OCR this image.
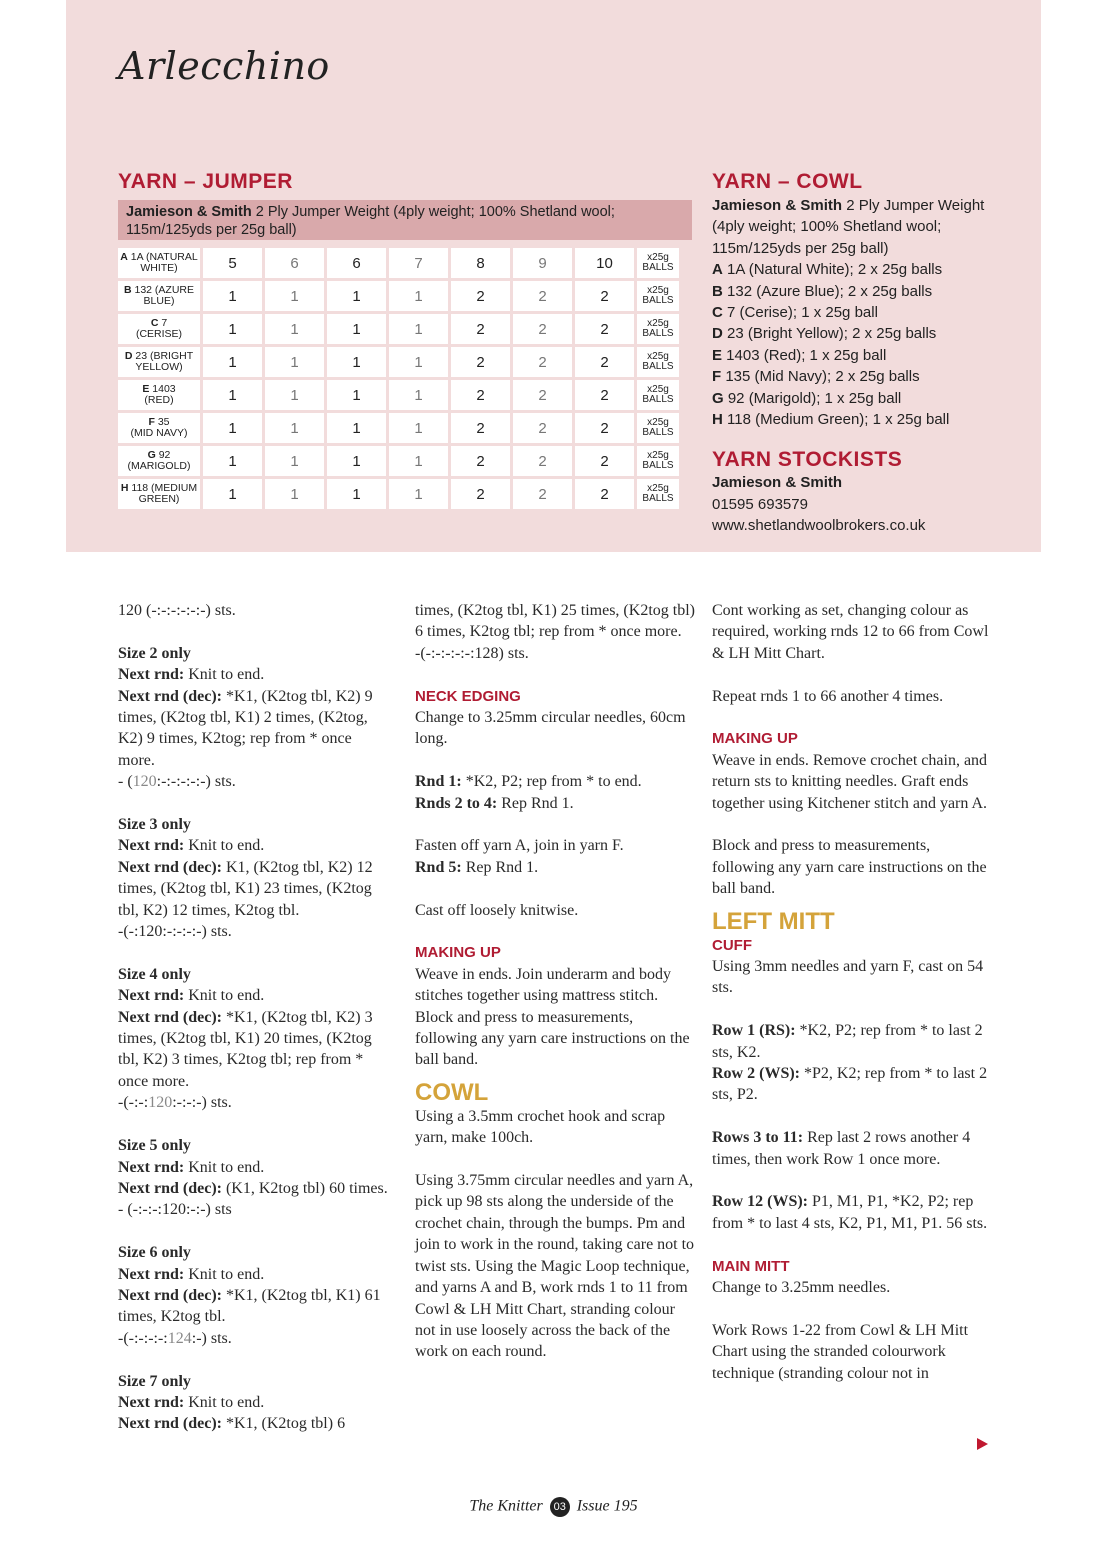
Arlecchino
YARN – JUMPER
Jamieson & Smith 2 Ply Jumper Weight (4ply weight; 100% Shetland wool;
115m/125yds per 25g ball)
A 1A (NATURAL
WHITE)	5	6	6	7	8	9	10	x25g
BALLS
B 132 (AZURE
BLUE)	1	1	1	1	2	2	2	x25g
BALLS
C 7
(CERISE)	1	1	1	1	2	2	2	x25g
BALLS
D 23 (BRIGHT
YELLOW)	1	1	1	1	2	2	2	x25g
BALLS
E 1403
(RED)	1	1	1	1	2	2	2	x25g
BALLS
F 35
(MID NAVY)	1	1	1	1	2	2	2	x25g
BALLS
G 92
(MARIGOLD)	1	1	1	1	2	2	2	x25g
BALLS
H 118 (MEDIUM
GREEN)	1	1	1	1	2	2	2	x25g
BALLS
YARN – COWL
Jamieson & Smith 2 Ply Jumper Weight
(4ply weight; 100% Shetland wool;
115m/125yds per 25g ball)
A 1A (Natural White); 2 x 25g balls
B 132 (Azure Blue); 2 x 25g balls
C 7 (Cerise); 1 x 25g ball
D 23 (Bright Yellow); 2 x 25g balls
E 1403 (Red); 1 x 25g ball
F 135 (Mid Navy); 2 x 25g balls
G 92 (Marigold); 1 x 25g ball
H 118 (Medium Green); 1 x 25g ball
YARN STOCKISTS
Jamieson & Smith
01595 693579
www.shetlandwoolbrokers.co.uk

120 (-:-:-:-:-:-) sts.

Size 2 only

Next rnd: Knit to end.

Next rnd (dec): *K1, (K2tog tbl, K2) 9 times, (K2tog tbl, K1) 2 times, (K2tog, K2) 9 times, K2tog; rep from * once more.

- (120:-:-:-:-:-) sts.

Size 3 only

Next rnd: Knit to end.

Next rnd (dec): K1, (K2tog tbl, K2) 12 times, (K2tog tbl, K1) 23 times, (K2tog tbl, K2) 12 times, K2tog tbl.

-(-:120:-:-:-:-) sts.

Size 4 only

Next rnd: Knit to end.

Next rnd (dec): *K1, (K2tog tbl, K2) 3 times, (K2tog tbl, K1) 20 times, (K2tog tbl, K2) 3 times, K2tog tbl; rep from * once more.

-(-:-:120:-:-:-) sts.

Size 5 only

Next rnd: Knit to end.

Next rnd (dec): (K1, K2tog tbl) 60 times.

- (-:-:-:120:-:-) sts

Size 6 only

Next rnd: Knit to end.

Next rnd (dec): *K1, (K2tog tbl, K1) 61 times, K2tog tbl.

-(-:-:-:-:124:-) sts.

Size 7 only

Next rnd: Knit to end.

Next rnd (dec): *K1, (K2tog tbl) 6

times, (K2tog tbl, K1) 25 times, (K2tog tbl) 6 times, K2tog tbl; rep from * once more.

-(-:-:-:-:-:128) sts.

NECK EDGING

Change to 3.25mm circular needles, 60cm long.

Rnd 1: *K2, P2; rep from * to end.

Rnds 2 to 4: Rep Rnd 1.

Fasten off yarn A, join in yarn F.

Rnd 5: Rep Rnd 1.

Cast off loosely knitwise.

MAKING UP

Weave in ends. Join underarm and body stitches together using mattress stitch. Block and press to measurements, following any yarn care instructions on the ball band.

COWL

Using a 3.5mm crochet hook and scrap yarn, make 100ch.

Using 3.75mm circular needles and yarn A, pick up 98 sts along the underside of the crochet chain, through the bumps. Pm and join to work in the round, taking care not to twist sts. Using the Magic Loop technique, and yarns A and B, work rnds 1 to 11 from Cowl & LH Mitt Chart, stranding colour not in use loosely across the back of the work on each round.

Cont working as set, changing colour as required, working rnds 12 to 66 from Cowl & LH Mitt Chart.

Repeat rnds 1 to 66 another 4 times.

MAKING UP

Weave in ends. Remove crochet chain, and return sts to knitting needles. Graft ends together using Kitchener stitch and yarn A.

Block and press to measurements, following any yarn care instructions on the ball band.

LEFT MITT
CUFF

Using 3mm needles and yarn F, cast on 54 sts.

Row 1 (RS): *K2, P2; rep from * to last 2 sts, K2.

Row 2 (WS): *P2, K2; rep from * to last 2 sts, P2.

Rows 3 to 11: Rep last 2 rows another 4 times, then work Row 1 once more.

Row 12 (WS): P1, M1, P1, *K2, P2; rep from * to last 4 sts, K2, P1, M1, P1. 56 sts.

MAIN MITT

Change to 3.25mm needles.

Work Rows 1-22 from Cowl & LH Mitt Chart using the stranded colourwork technique (stranding colour not in

The Knitter 03 Issue 195
